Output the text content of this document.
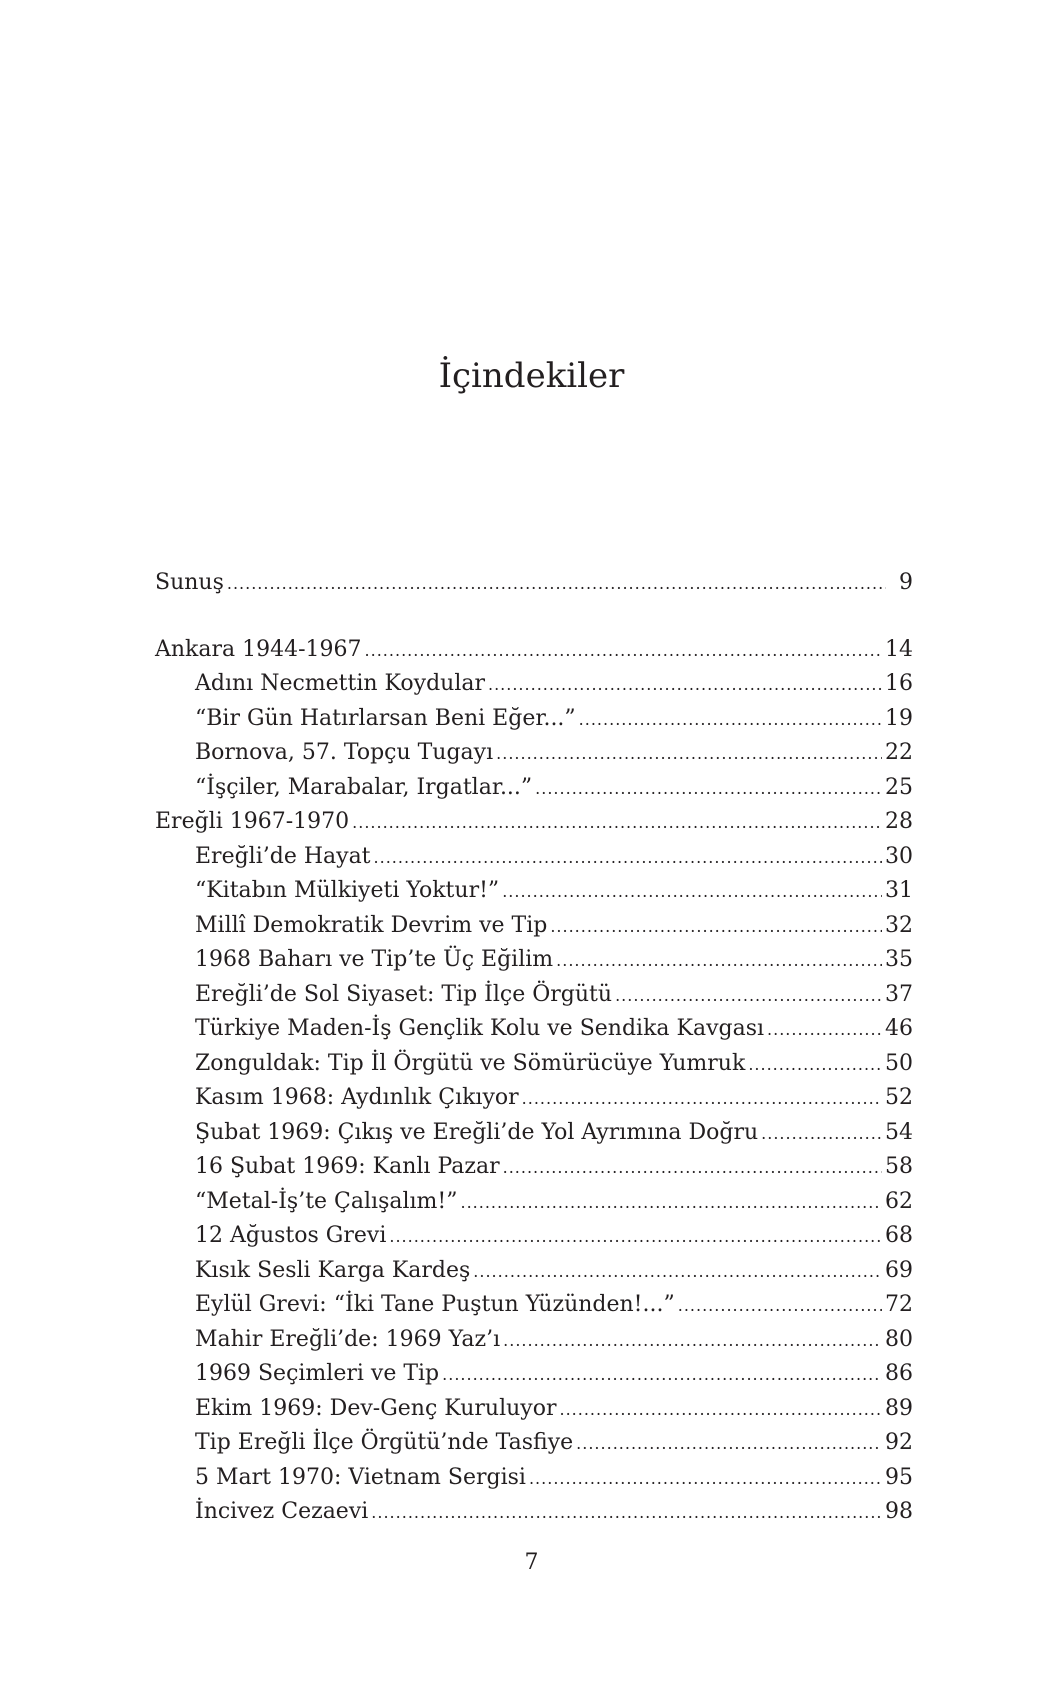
İçindekiler
Sunuş .....	9
Ankara 1944-1967 .....	14
Adını Necmettin Koydular .....	16
“Bir Gün Hatırlarsan Beni Eğer...” .....	19
Bornova, 57. Topçu Tugayı .....	22
“İşçiler, Marabalar, Irgatlar...” .....	25
Ereğli 1967-1970 .....	28
Ereğli’de Hayat .....	30
“Kitabın Mülkiyeti Yoktur!” .....	31
Millî Demokratik Devrim ve Tip .....	32
1968 Baharı ve Tip’te Üç Eğilim .....	35
Ereğli’de Sol Siyaset: Tip İlçe Örgütü .....	37
Türkiye Maden-İş Gençlik Kolu ve Sendika Kavgası .....	46
Zonguldak: Tip İl Örgütü ve Sömürücüye Yumruk .....	50
Kasım 1968: Aydınlık Çıkıyor .....	52
Şubat 1969: Çıkış ve Ereğli’de Yol Ayrımına Doğru .....	54
16 Şubat 1969: Kanlı Pazar .....	58
“Metal-İş’te Çalışalım!” .....	62
12 Ağustos Grevi .....	68
Kısık Sesli Karga Kardeş .....	69
Eylül Grevi: “İki Tane Puştun Yüzünden!...” .....	72
Mahir Ereğli’de: 1969 Yaz’ı .....	80
1969 Seçimleri ve Tip .....	86
Ekim 1969: Dev-Genç Kuruluyor .....	89
Tip Ereğli İlçe Örgütü’nde Tasfiye .....	92
5 Mart 1970: Vietnam Sergisi .....	95
İncivez Cezaevi .....	98

7
